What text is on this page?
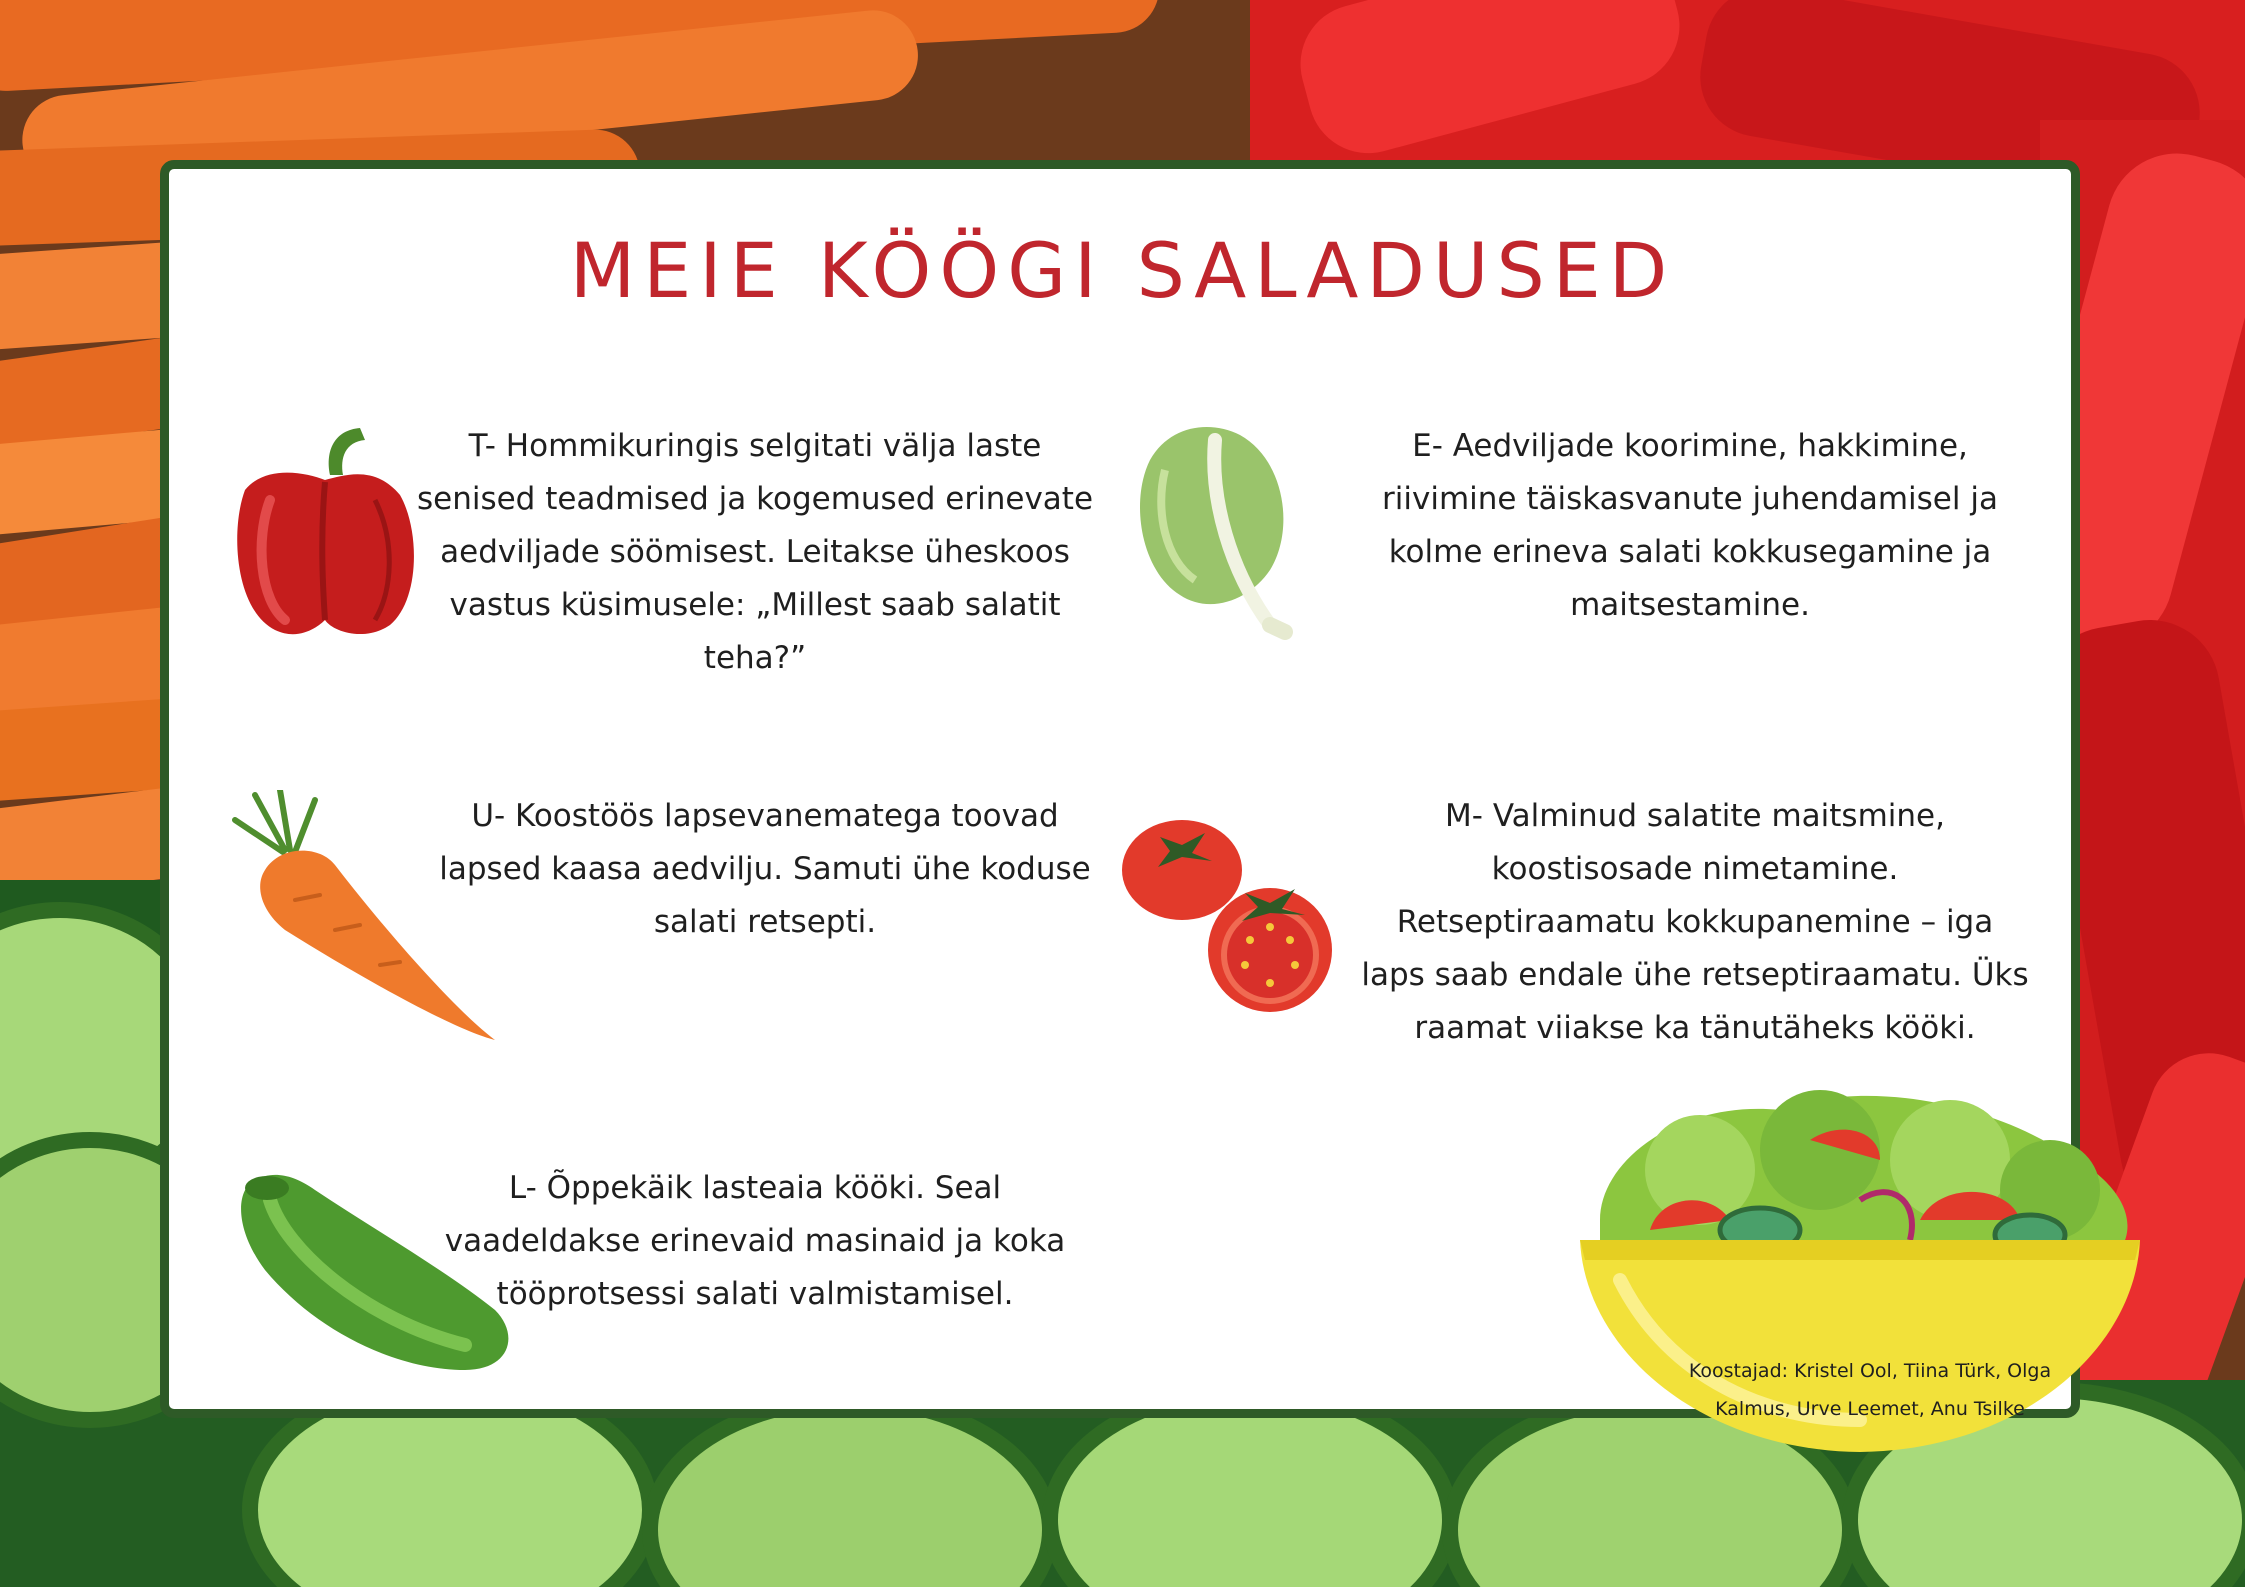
MEIE KÖÖGI SALADUSED
T- Hommikuringis selgitati välja laste
senised teadmised ja kogemused erinevate
aedviljade söömisest. Leitakse üheskoos
vastus küsimusele: „Millest saab salatit
teha?”
E- Aedviljade koorimine, hakkimine,
riivimine täiskasvanute juhendamisel ja
kolme erineva salati kokkusegamine ja
maitsestamine.
U- Koostöös lapsevanematega toovad
lapsed kaasa aedvilju. Samuti ühe koduse
salati retsepti.
M- Valminud salatite maitsmine,
koostisosade nimetamine.
Retseptiraamatu kokkupanemine – iga
laps saab endale ühe retseptiraamatu. Üks
raamat viiakse ka tänutäheks kööki.
L- Õppekäik lasteaia kööki. Seal
vaadeldakse erinevaid masinaid ja koka
tööprotsessi salati valmistamisel.
Koostajad: Kristel Ool, Tiina Türk, Olga
Kalmus, Urve Leemet, Anu Tsilke
